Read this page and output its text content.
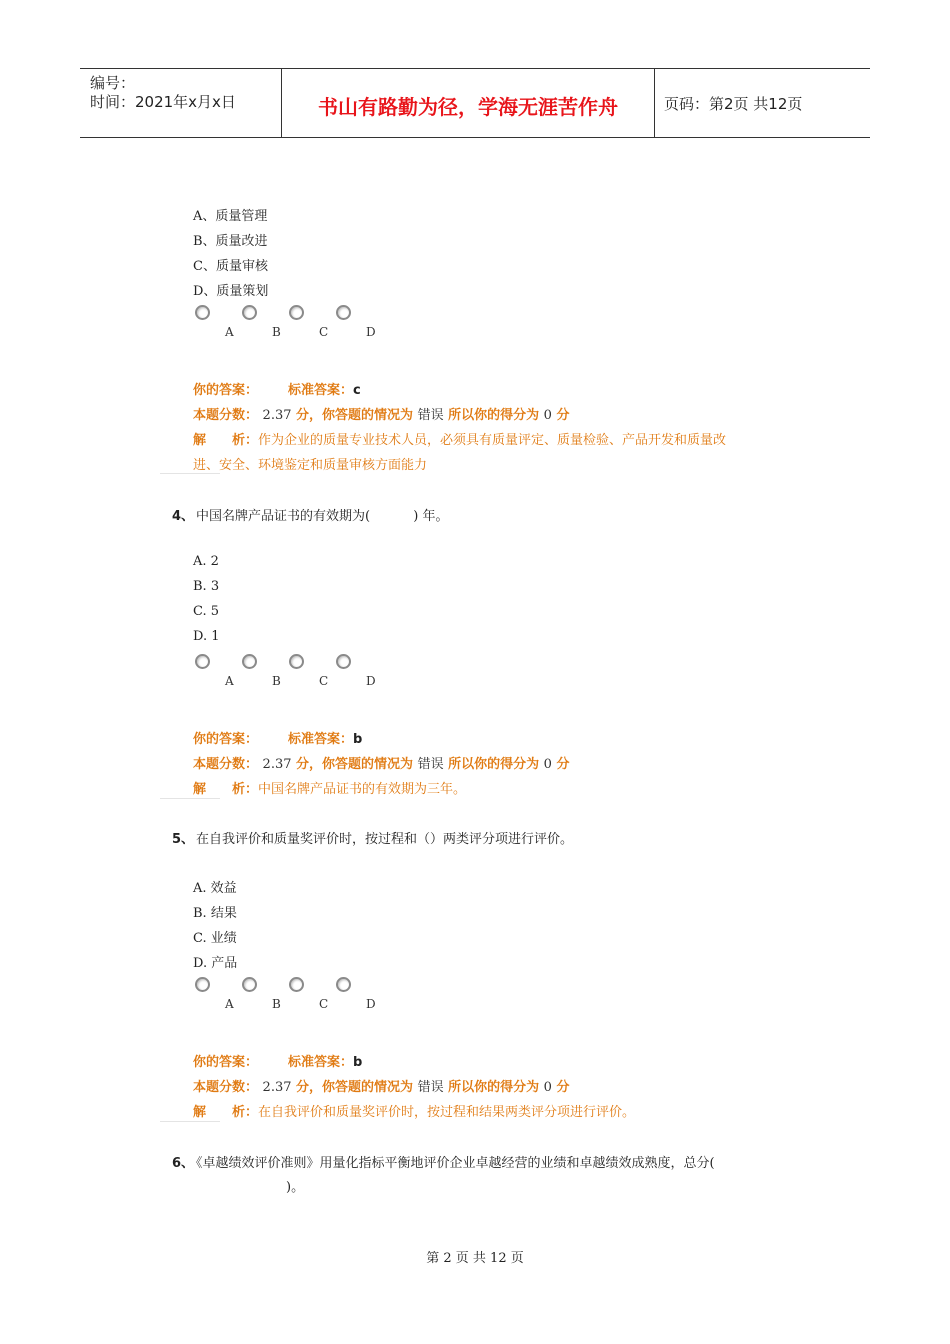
编号：
时间：2021年x月x日	书山有路勤为径，学海无涯苦作舟	页码：第2页 共12页
A、质量管理
B、质量改进
C、质量审核
D、质量策划
A	B	C	D
你的答案： 标准答案：c
本题分数： 2.37 分，你答题的情况为 错误 所以你的得分为 0 分
解　　析：作为企业的质量专业技术人员，必须具有质量评定、质量检验、产品开发和质量改
进、安全、环境鉴定和质量审核方面能力
4、 中国名牌产品证书的有效期为(　　　 ) 年。
A. 2
B. 3
C. 5
D. 1
A	B	C	D
你的答案： 标准答案：b
本题分数： 2.37 分，你答题的情况为 错误 所以你的得分为 0 分
解　　析：中国名牌产品证书的有效期为三年。
5、 在自我评价和质量奖评价时，按过程和（）两类评分项进行评价。
A. 效益
B. 结果
C. 业绩
D. 产品
A	B	C	D
你的答案： 标准答案：b
本题分数： 2.37 分，你答题的情况为 错误 所以你的得分为 0 分
解　　析：在自我评价和质量奖评价时，按过程和结果两类评分项进行评价。
6、 《卓越绩效评价准则》用量化指标平衡地评价企业卓越经营的业绩和卓越绩效成熟度，总分(
)。
第 2 页 共 12 页
